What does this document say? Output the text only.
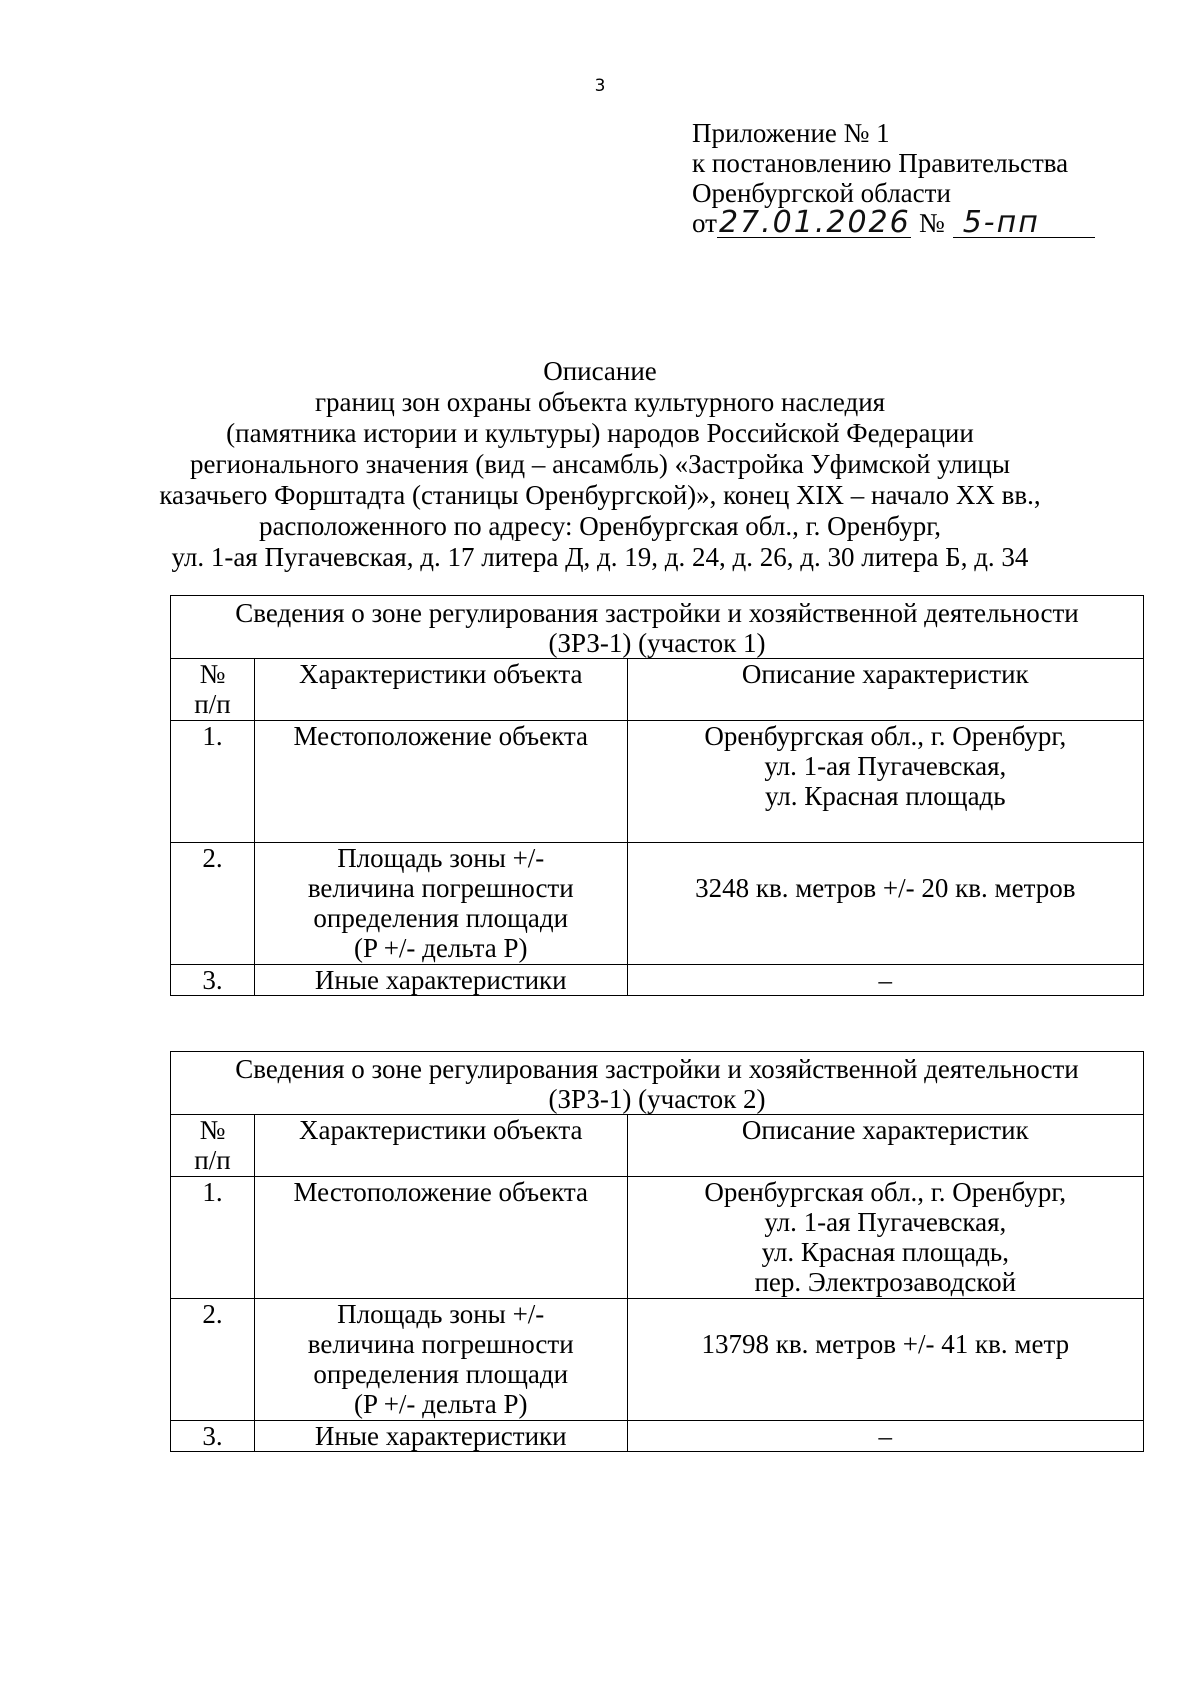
3
Приложение № 1
к постановлению Правительства
Оренбургской области
от 27.01.2026 № 5-пп
Описание
границ зон охраны объекта культурного наследия
(памятника истории и культуры) народов Российской Федерации
регионального значения (вид – ансамбль) «Застройка Уфимской улицы
казачьего Форштадта (станицы Оренбургской)», конец XIX – начало XX вв.,
расположенного по адресу: Оренбургская обл., г. Оренбург,
ул. 1-ая Пугачевская, д. 17 литера Д, д. 19, д. 24, д. 26, д. 30 литера Б, д. 34
Сведения о зоне регулирования застройки и хозяйственной деятельности
(ЗРЗ-1) (участок 1)		

№
п/п	Характеристики объекта	Описание характеристик
1.	Местоположение объекта	Оренбургская обл., г. Оренбург,
ул. 1-ая Пугачевская,
ул. Красная площадь

2.	Площадь зоны +/-
величина погрешности
определения площади
(P +/- дельта P)	3248 кв. метров +/- 20 кв. метров

3.	Иные характеристики	–
Сведения о зоне регулирования застройки и хозяйственной деятельности
(ЗРЗ-1) (участок 2)		

№
п/п	Характеристики объекта	Описание характеристик
1.	Местоположение объекта	Оренбургская обл., г. Оренбург,
ул. 1-ая Пугачевская,
ул. Красная площадь,
пер. Электрозаводской

2.	Площадь зоны +/-
величина погрешности
определения площади
(P +/- дельта P)	13798 кв. метров +/- 41 кв. метр

3.	Иные характеристики	–
